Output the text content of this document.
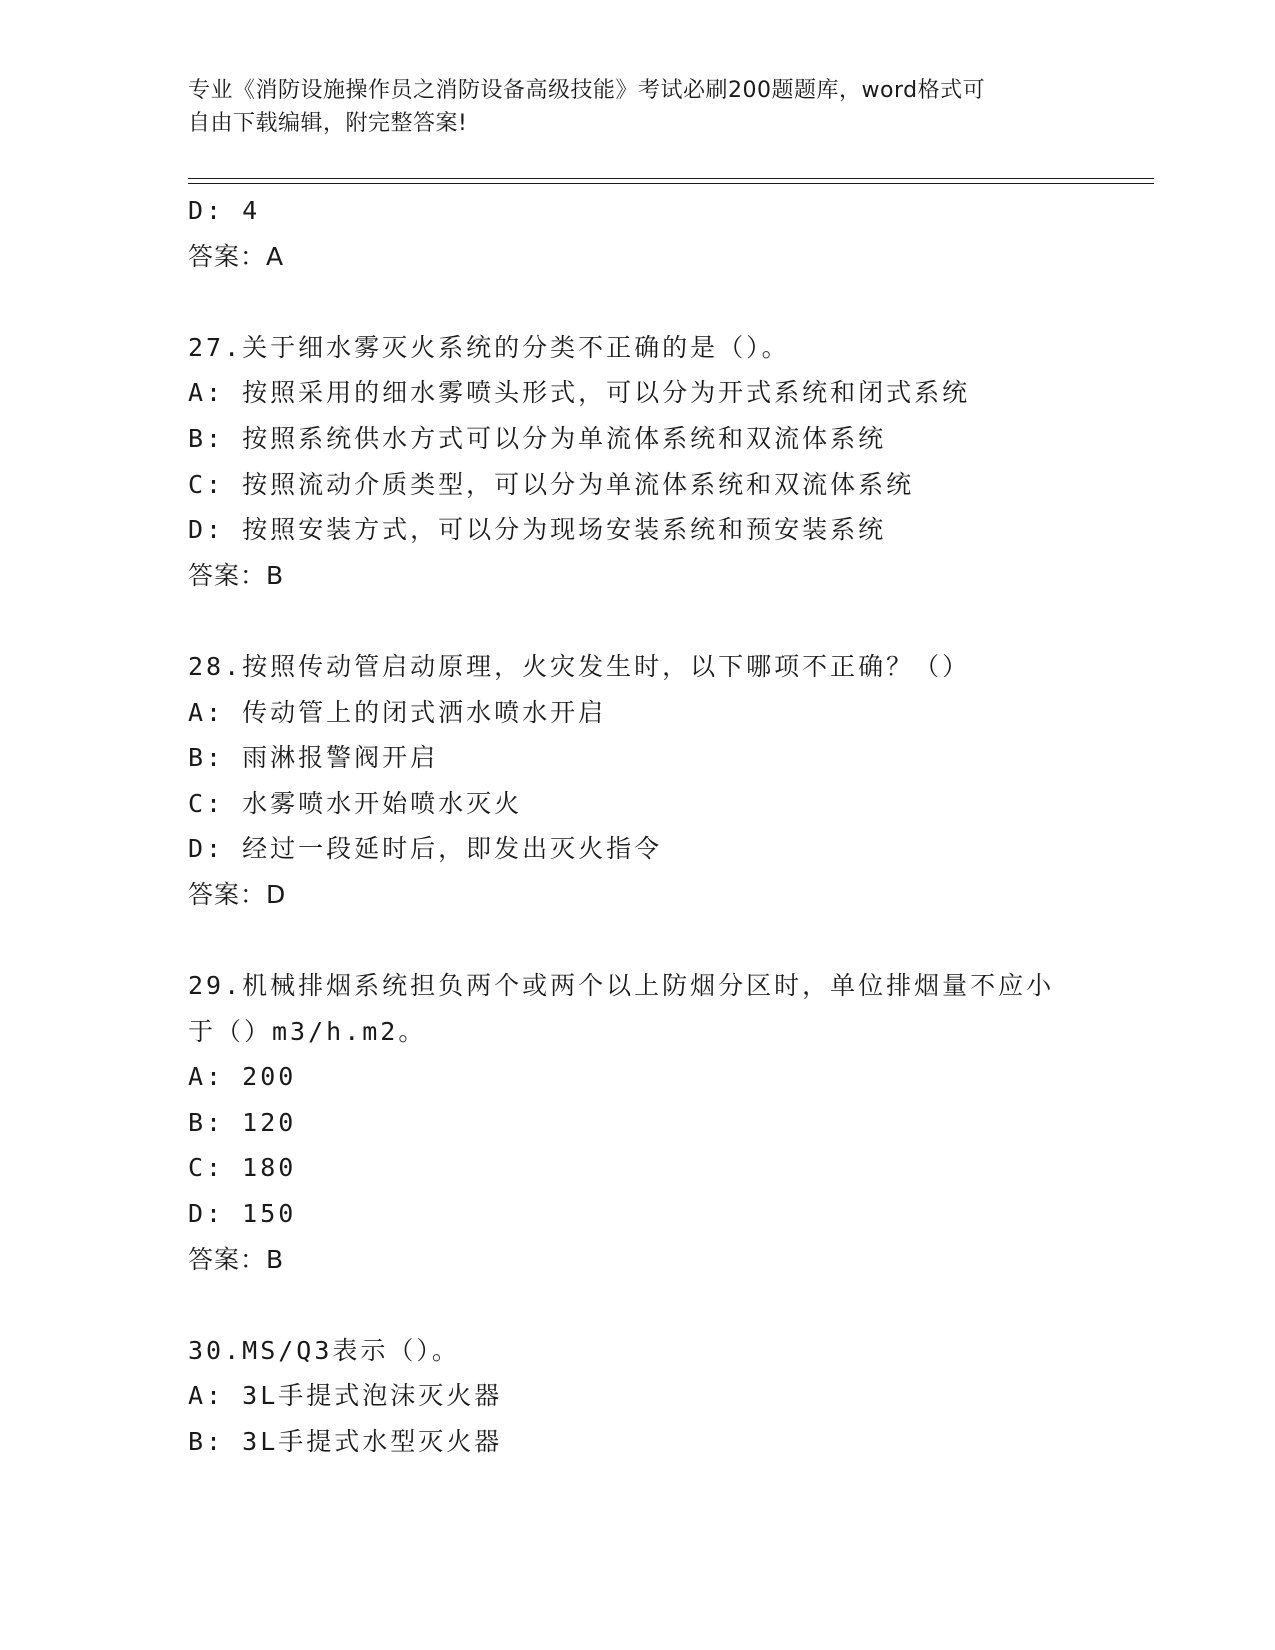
专业《消防设施操作员之消防设备高级技能》考试必刷200题题库，word格式可
自由下载编辑，附完整答案!
D: 4
答案：A
27.关于细水雾灭火系统的分类不正确的是（）。
A: 按照采用的细水雾喷头形式，可以分为开式系统和闭式系统
B: 按照系统供水方式可以分为单流体系统和双流体系统
C: 按照流动介质类型，可以分为单流体系统和双流体系统
D: 按照安装方式，可以分为现场安装系统和预安装系统
答案：B
28.按照传动管启动原理，火灾发生时，以下哪项不正确？（）
A: 传动管上的闭式洒水喷水开启
B: 雨淋报警阀开启
C: 水雾喷水开始喷水灭火
D: 经过一段延时后，即发出灭火指令
答案：D
29.机械排烟系统担负两个或两个以上防烟分区时，单位排烟量不应小
于（）m3/h.m2。
A: 200
B: 120
C: 180
D: 150
答案：B
30.MS/Q3表示（）。
A: 3L手提式泡沫灭火器
B: 3L手提式水型灭火器
